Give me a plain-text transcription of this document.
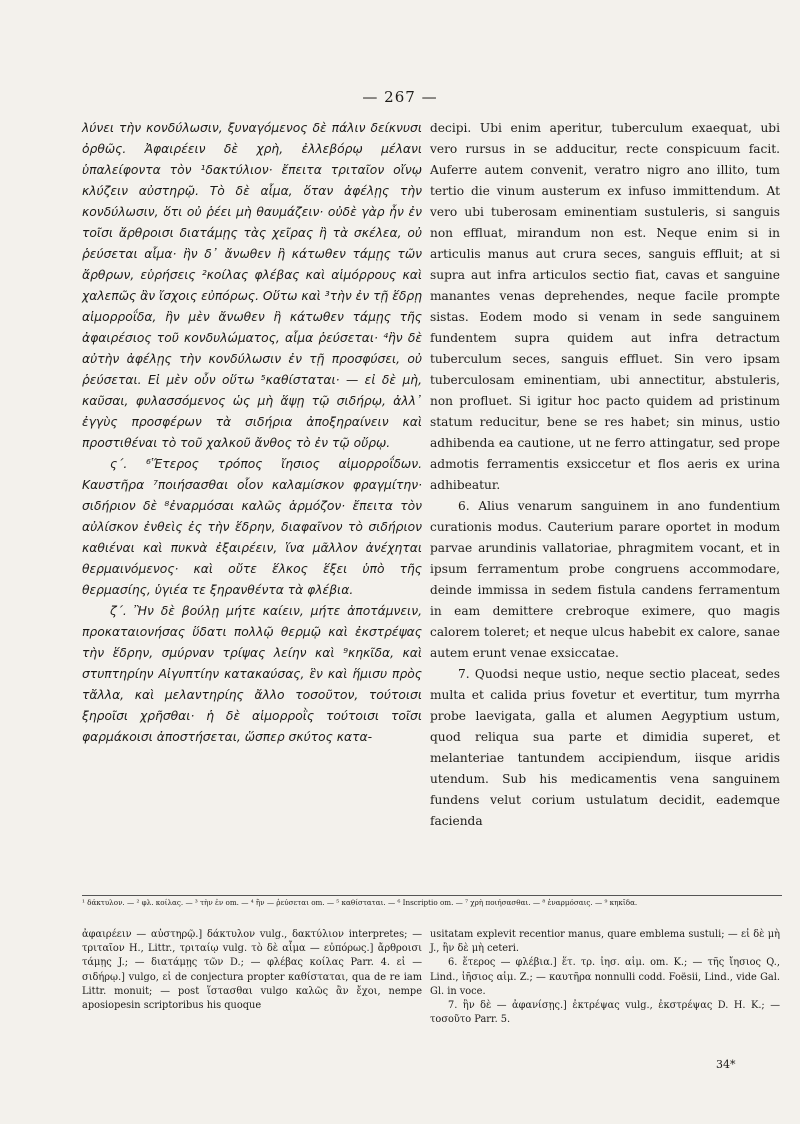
— 267 —

λύνει τὴν κονδύλωσιν, ξυναγόμενος δὲ πάλιν δείκνυσι ὀρθῶς. Ἀφαιρέειν δὲ χρὴ, ἐλλεβόρῳ μέλανι ὑπαλείφοντα τὸν ¹δακτύλιον· ἔπειτα τριταῖον οἴνῳ κλύζειν αὐστηρῷ. Τὸ δὲ αἷμα, ὅταν ἀφέλῃς τὴν κονδύλωσιν, ὅτι οὐ ῥέει μὴ θαυμάζειν· οὐδὲ γὰρ ἦν ἐν τοῖσι ἄρθροισι διατάμῃς τὰς χεῖρας ἢ τὰ σκέλεα, οὐ ῥεύσεται αἷμα· ἢν δ᾽ ἄνωθεν ἢ κάτωθεν τάμῃς τῶν ἄρθρων, εὑρήσεις ²κοίλας φλέβας καὶ αἱμόρρους καὶ χαλεπῶς ἂν ἴσχοις εὐπόρως. Οὕτω καὶ ³τὴν ἐν τῇ ἕδρῃ αἱμορροΐδα, ἢν μὲν ἄνωθεν ἢ κάτωθεν τάμῃς τῆς ἀφαιρέσιος τοῦ κονδυλώματος, αἷμα ῥεύσεται· ⁴ἢν δὲ αὐτὴν ἀφέλῃς τὴν κονδύλωσιν ἐν τῇ προσφύσει, οὐ ῥεύσεται. Εἰ μὲν οὖν οὕτω ⁵καθίσταται· — εἰ δὲ μὴ, καῦσαι, φυλασσόμενος ὡς μὴ ἅψῃ τῷ σιδήρῳ, ἀλλ᾽ ἐγγὺς προσφέρων τὰ σιδήρια ἀποξηραίνειν καὶ προστιθέναι τὸ τοῦ χαλκοῦ ἄνθος τὸ ἐν τῷ οὔρῳ.

ς΄. ⁶Ἕτερος τρόπος ἴησιος αἱμορροΐδων. Καυστῆρα ⁷ποιήσασθαι οἷον καλαμίσκον φραγμίτην· σιδήριον δὲ ⁸ἐναρμόσαι καλῶς ἁρμόζον· ἔπειτα τὸν αὐλίσκον ἐνθεὶς ἐς τὴν ἕδρην, διαφαῖνον τὸ σιδήριον καθιέναι καὶ πυκνὰ ἐξαιρέειν, ἵνα μᾶλλον ἀνέχηται θερμαινόμενος· καὶ οὔτε ἕλκος ἕξει ὑπὸ τῆς θερμασίης, ὑγιέα τε ξηρανθέντα τὰ φλέβια.

ζ΄. Ἢν δὲ βούλῃ μήτε καίειν, μήτε ἀποτάμνειν, προκαταιονήσας ὕδατι πολλῷ θερμῷ καὶ ἐκστρέψας τὴν ἕδρην, σμύρναν τρίψας λείην καὶ ⁹κηκῖδα, καὶ στυπτηρίην Αἰγυπτίην κατακαύσας, ἓν καὶ ἥμισυ πρὸς τἄλλα, καὶ μελαντηρίης ἄλλο τοσοῦτον, τούτοισι ξηροῖσι χρῆσθαι· ἡ δὲ αἱμορροῒς τούτοισι τοῖσι φαρμάκοισι ἀποστήσεται, ὥσπερ σκύτος κατα-

decipi. Ubi enim aperitur, tuberculum exaequat, ubi vero rursus in se adducitur, recte conspicuum facit. Auferre autem convenit, veratro nigro ano illito, tum tertio die vinum austerum ex infuso immittendum. At vero ubi tuberosam eminentiam sustuleris, si sanguis non effluat, mirandum non est. Neque enim si in articulis manus aut crura seces, sanguis effluit; at si supra aut infra articulos sectio fiat, cavas et sanguine manantes venas deprehendes, neque facile prompte sistas. Eodem modo si venam in sede sanguinem fundentem supra quidem aut infra detractum tuberculum seces, sanguis effluet. Sin vero ipsam tuberculosam eminentiam, ubi annectitur, abstuleris, non profluet. Si igitur hoc pacto quidem ad pristinum statum reducitur, bene se res habet; sin minus, ustio adhibenda ea cautione, ut ne ferro attingatur, sed prope admotis ferramentis exsiccetur et flos aeris ex urina adhibeatur.

6. Alius venarum sanguinem in ano fundentium curationis modus. Cauterium parare oportet in modum parvae arundinis vallatoriae, phragmitem vocant, et in ipsum ferramentum probe congruens accommodare, deinde immissa in sedem fistula candens ferramentum in eam demittere crebroque eximere, quo magis calorem toleret; et neque ulcus habebit ex calore, sanae autem erunt venae exsiccatae.

7. Quodsi neque ustio, neque sectio placeat, sedes multa et calida prius fovetur et evertitur, tum myrrha probe laevigata, galla et alumen Aegyptium ustum, quod reliqua sua parte et dimidia superet, et melanteriae tantundem accipiendum, iisque aridis utendum. Sub his medicamentis vena sanguinem fundens velut corium ustulatum decidit, eademque facienda

¹ δάκτυλον. — ² φλ. κοίλας. — ³ τὴν ἐν om. — ⁴ ἢν — ῥεύσεται om. — ⁵ καθίσταται. — ⁶ Inscriptio om. — ⁷ χρὴ ποιήσασθαι. — ⁸ ἐναρμόσαις. — ⁹ κηκῖδα.

ἀφαιρέειν — αὐστηρῷ.] δάκτυλον vulg., δακτύλιον interpretes; — τριταῖον H., Littr., τριταίῳ vulg. τὸ δὲ αἷμα — εὐπόρως.] ἄρθροισι τάμῃς J.; — διατάμῃς τῶν D.; — φλέβας κοίλας Parr. 4. εἰ — σιδήρῳ.] vulgo, εἰ de conjectura propter καθίσταται, qua de re iam Littr. monuit; — post ἵστασθαι vulgo καλῶς ἂν ἔχοι, nempe aposiopesin scriptoribus his quoque

usitatam explevit recentior manus, quare emblema sustuli; — εἰ δὲ μὴ J., ἢν δὲ μὴ ceteri.

6. ἕτερος — φλέβια.] ἕτ. τρ. ἰησ. αἱμ. om. K.; — τῆς ἴησιος Q., Lind., ἰῆσιος αἱμ. Z.; — καυτῆρα nonnulli codd. Foësii, Lind., vide Gal. Gl. in voce.

7. ἢν δὲ — ἀφανίσῃς.] ἐκτρέψας vulg., ἐκστρέψας D. H. K.; — τοσοῦτο Parr. 5.

34*
